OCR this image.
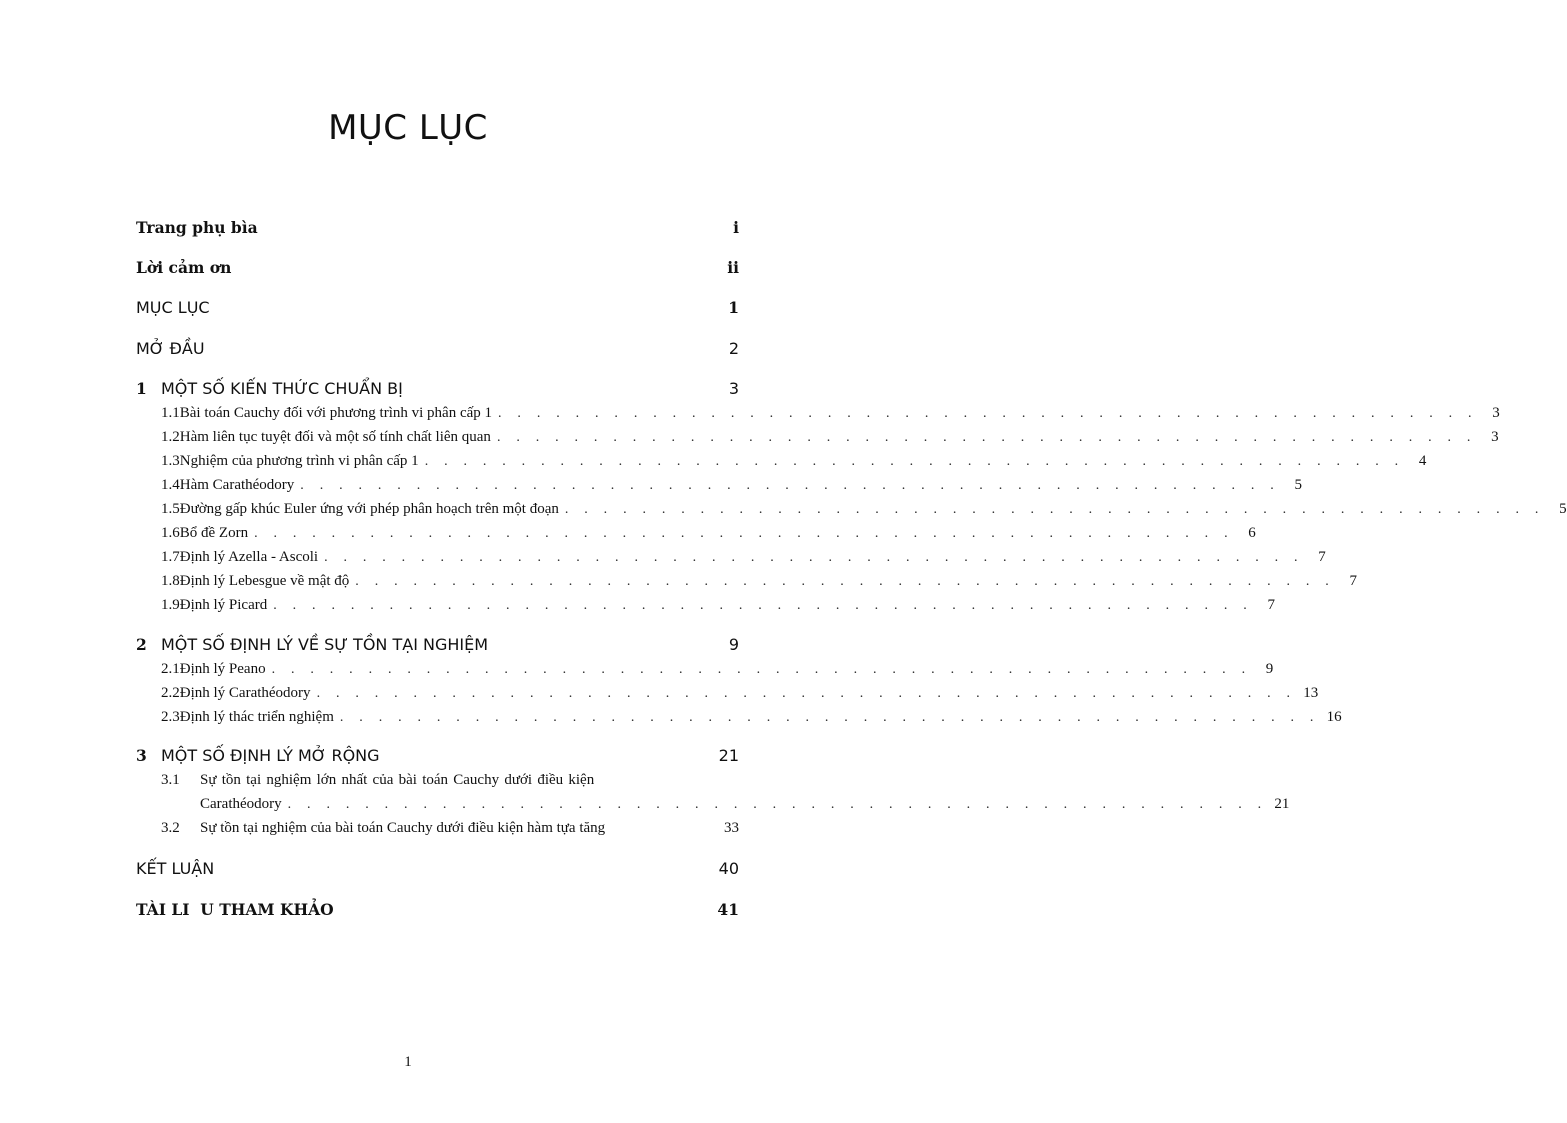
MỤC LỤC
Trang phụ bìa	i
Lời cảm ơn	ii
MỤC LỤC	1
MỞ ĐẦU	2
1 MỘT SỐ KIẾN THỨC CHUẨN BỊ	3
1.1 Bài toán Cauchy đối với phương trình vi phân cấp 1 . . . . . . . . . . . . . . . . . . . . . . . . . . . . . . . . . . . . . . . . . . . . . . . . . . . 3
1.2 Hàm liên tục tuyệt đối và một số tính chất liên quan . . . . . . . . . . . . . . . . . . . . . . . . . . . . . . . . . . . . . . . . . . . . . . . . . . . 3
1.3 Nghiệm của phương trình vi phân cấp 1 . . . . . . . . . . . . . . . . . . . . . . . . . . . . . . . . . . . . . . . . . . . . . . . . . . . 4
1.4 Hàm Carathéodory . . . . . . . . . . . . . . . . . . . . . . . . . . . . . . . . . . . . . . . . . . . . . . . . . . . 5
1.5 Đường gấp khúc Euler ứng với phép phân hoạch trên một đoạn . . . . . . . . . . . . . . . . . . . . . . . . . . . . . . . . . . . . . . . . . . . . . . . . . . . 5
1.6 Bổ đề Zorn . . . . . . . . . . . . . . . . . . . . . . . . . . . . . . . . . . . . . . . . . . . . . . . . . . . 6
1.7 Định lý Azella - Ascoli . . . . . . . . . . . . . . . . . . . . . . . . . . . . . . . . . . . . . . . . . . . . . . . . . . . 7
1.8 Định lý Lebesgue về mật độ . . . . . . . . . . . . . . . . . . . . . . . . . . . . . . . . . . . . . . . . . . . . . . . . . . . 7
1.9 Định lý Picard . . . . . . . . . . . . . . . . . . . . . . . . . . . . . . . . . . . . . . . . . . . . . . . . . . . 7
2 MỘT SỐ ĐỊNH LÝ VỀ SỰ TỒN TẠI NGHIỆM	9
2.1 Định lý Peano . . . . . . . . . . . . . . . . . . . . . . . . . . . . . . . . . . . . . . . . . . . . . . . . . . . 9
2.2 Định lý Carathéodory . . . . . . . . . . . . . . . . . . . . . . . . . . . . . . . . . . . . . . . . . . . . . . . . . . . 13
2.3 Định lý thác triển nghiệm . . . . . . . . . . . . . . . . . . . . . . . . . . . . . . . . . . . . . . . . . . . . . . . . . . . 16
3 MỘT SỐ ĐỊNH LÝ MỞ RỘNG	21
3.1	Sự tồn tại nghiệm lớn nhất của bài toán Cauchy dưới điều kiện
Carathéodory . . . . . . . . . . . . . . . . . . . . . . . . . . . . . . . . . . . . . . . . . . . . . . . . . . . 21
3.2	Sự tồn tại nghiệm của bài toán Cauchy dưới điều kiện hàm tựa tăng	33
KẾT LUẬN	40
TÀI LI  U THAM KHẢO	41
1
